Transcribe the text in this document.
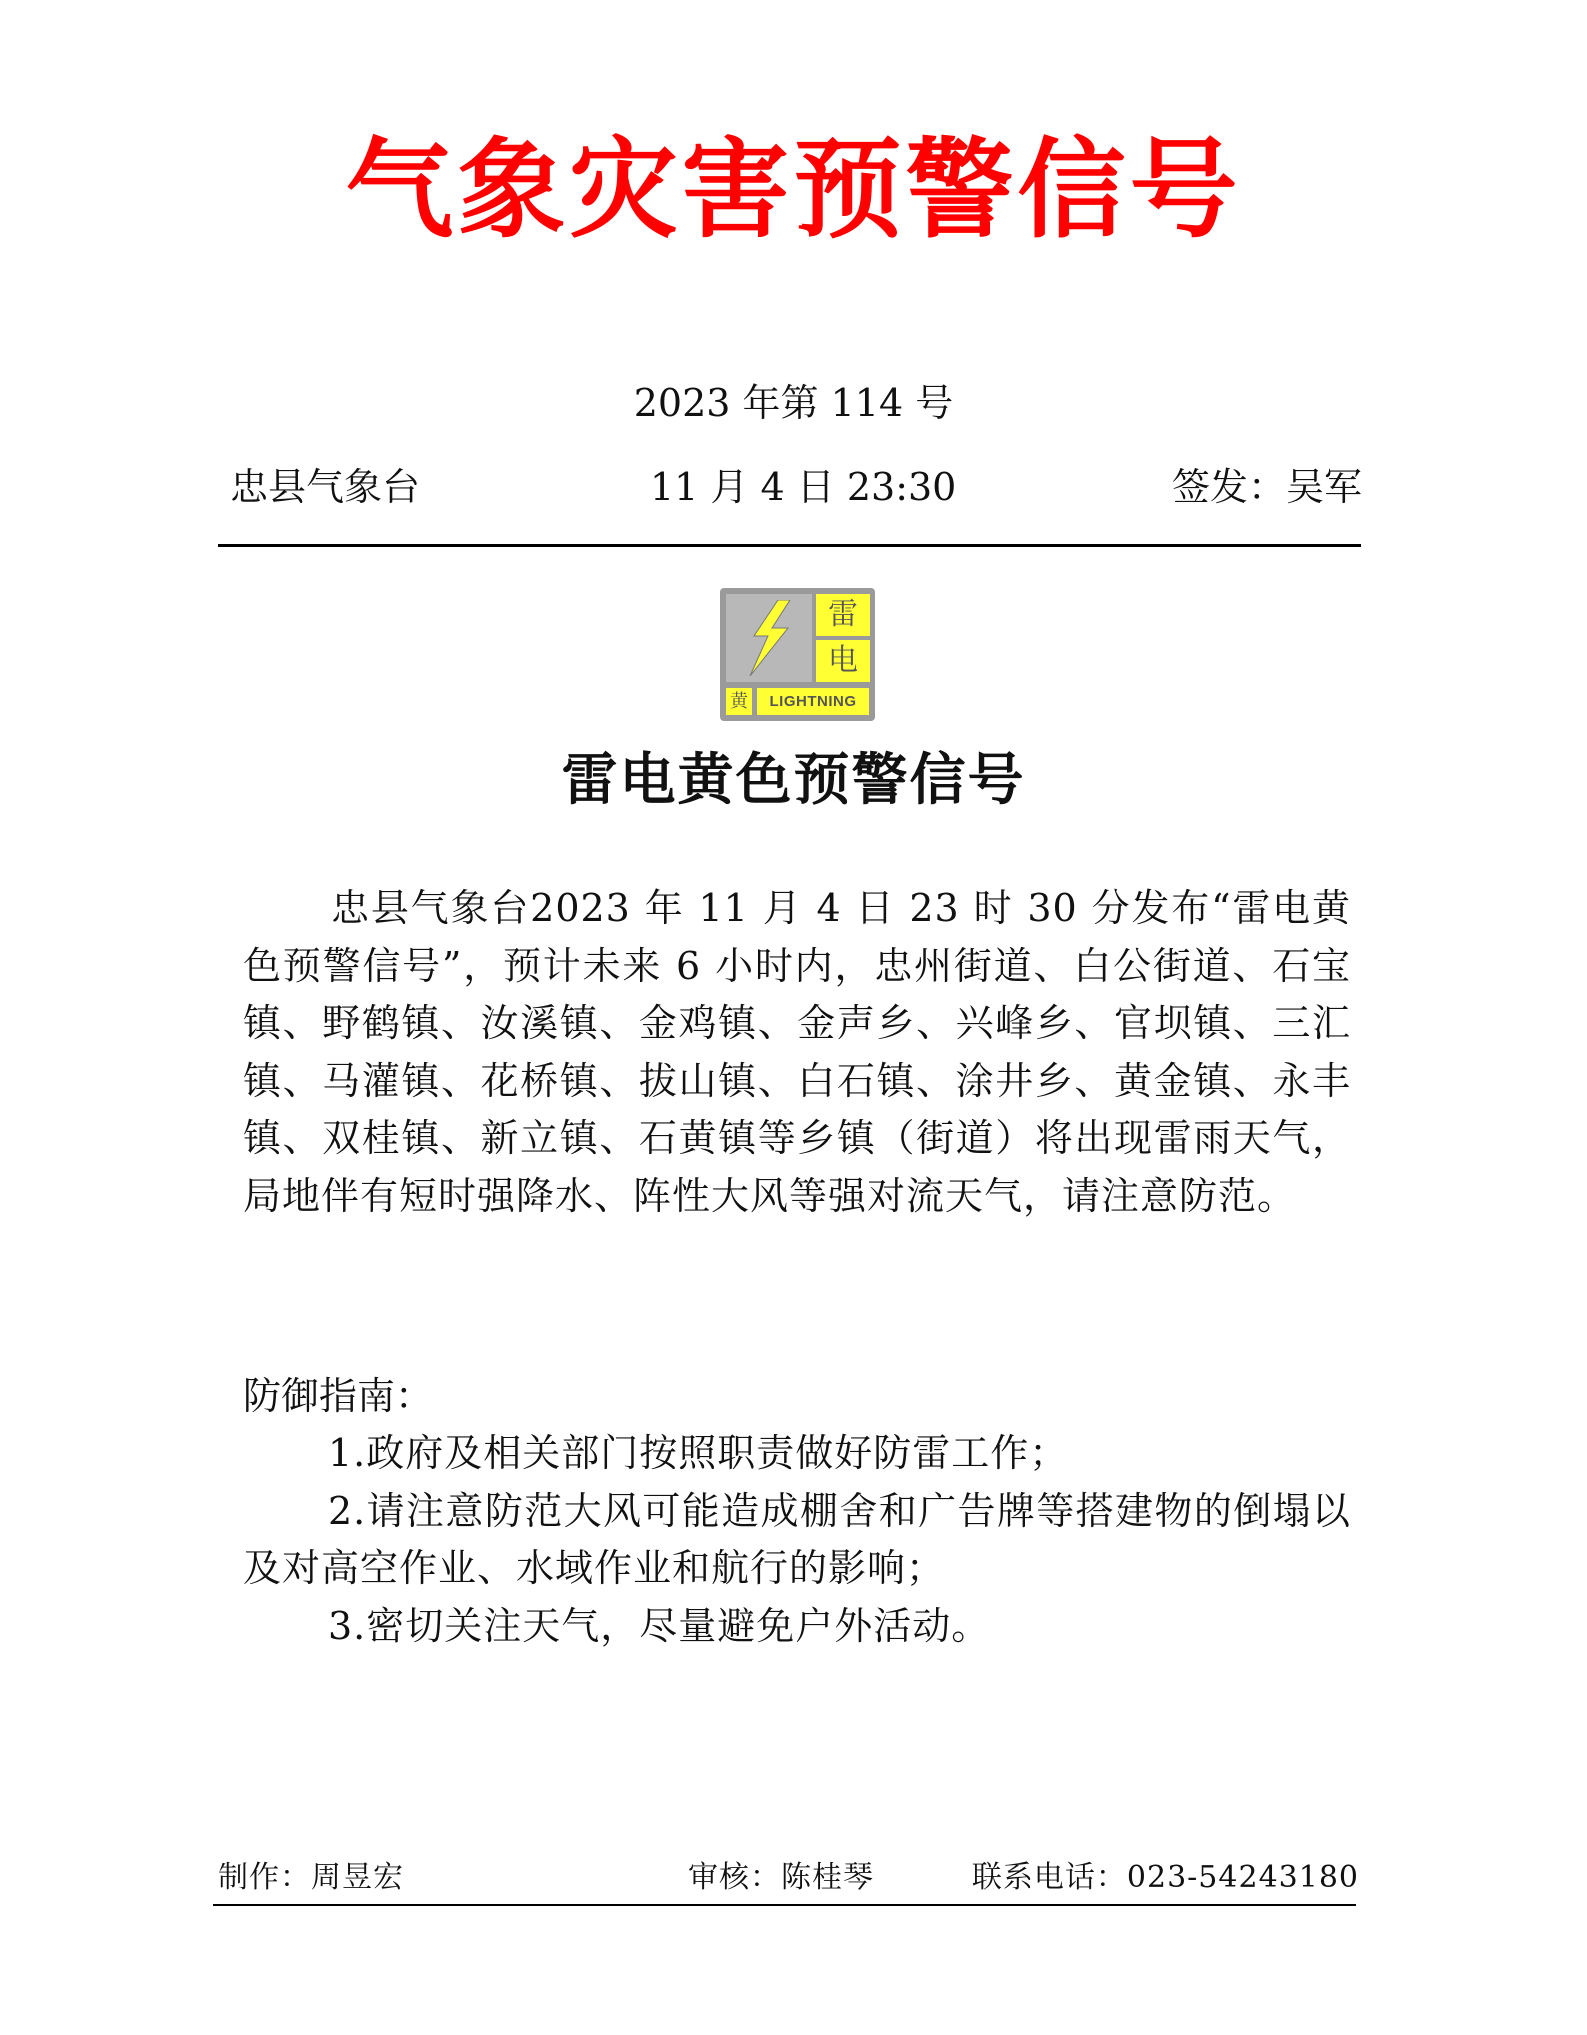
气象灾害预警信号
2023 年第 114 号
忠县气象台	11 月 4 日 23:30	签发：吴军
雷
电
黄	LIGHTNING
雷电黄色预警信号

忠县气象台2023 年 11 月 4 日 23 时 30 分发布“雷电黄色预警信号”，预计未来 6 小时内，忠州街道、白公街道、石宝镇、野鹤镇、汝溪镇、金鸡镇、金声乡、兴峰乡、官坝镇、三汇镇、马灌镇、花桥镇、拔山镇、白石镇、涂井乡、黄金镇、永丰镇、双桂镇、新立镇、石黄镇等乡镇（街道）将出现雷雨天气，局地伴有短时强降水、阵性大风等强对流天气，请注意防范。

防御指南：
1.政府及相关部门按照职责做好防雷工作；
2.请注意防范大风可能造成棚舍和广告牌等搭建物的倒塌以及对高空作业、水域作业和航行的影响；
3.密切关注天气，尽量避免户外活动。
制作：周昱宏	审核：陈桂琴	联系电话：023-54243180
